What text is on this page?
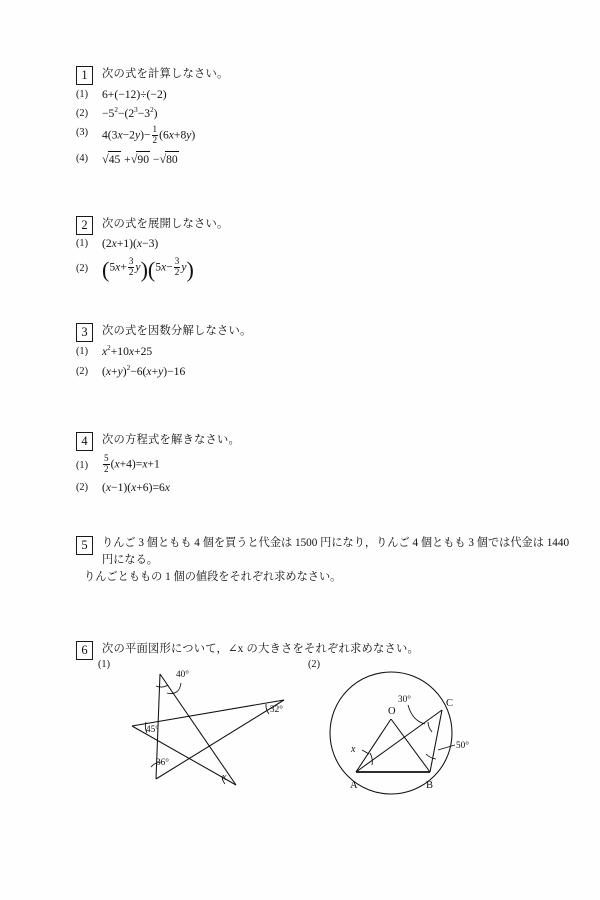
1	次の式を計算しなさい。
(1)	6+(−12)÷(−2)
(2)	$-5^2-(2^3-3^2)$
(3)	$4(3x-2y)- \frac{1}{2} (6x+8y)$
(4)	√45 +√90 −√80
2	次の式を展開しなさい。
(1)	(2x+1)(x−3)
(2) $(5x+ \frac{3}{2} y)(5x- \frac{3}{2} y)$
3	次の式を因数分解しなさい。
(1)	$x^2+10x+25$
(2)	$(x+y)^2-6(x+y)-16$
4	次の方程式を解きなさい。
(1)	$\frac{5}{2} (x+4)=x+1$
(2)	(x−1)(x+6)=6x
5	りんご 3 個ともも 4 個を買うと代金は 1500 円になり，りんご 4 個ともも 3 個では代金は 1440 円になる。
りんごとももの 1 個の値段をそれぞれ求めなさい。
6	次の平面図形について，∠x の大きさをそれぞれ求めなさい。
(1)	(2)
40°
32°
45°
36°
x
O
A	B
C
30°
50°
x
